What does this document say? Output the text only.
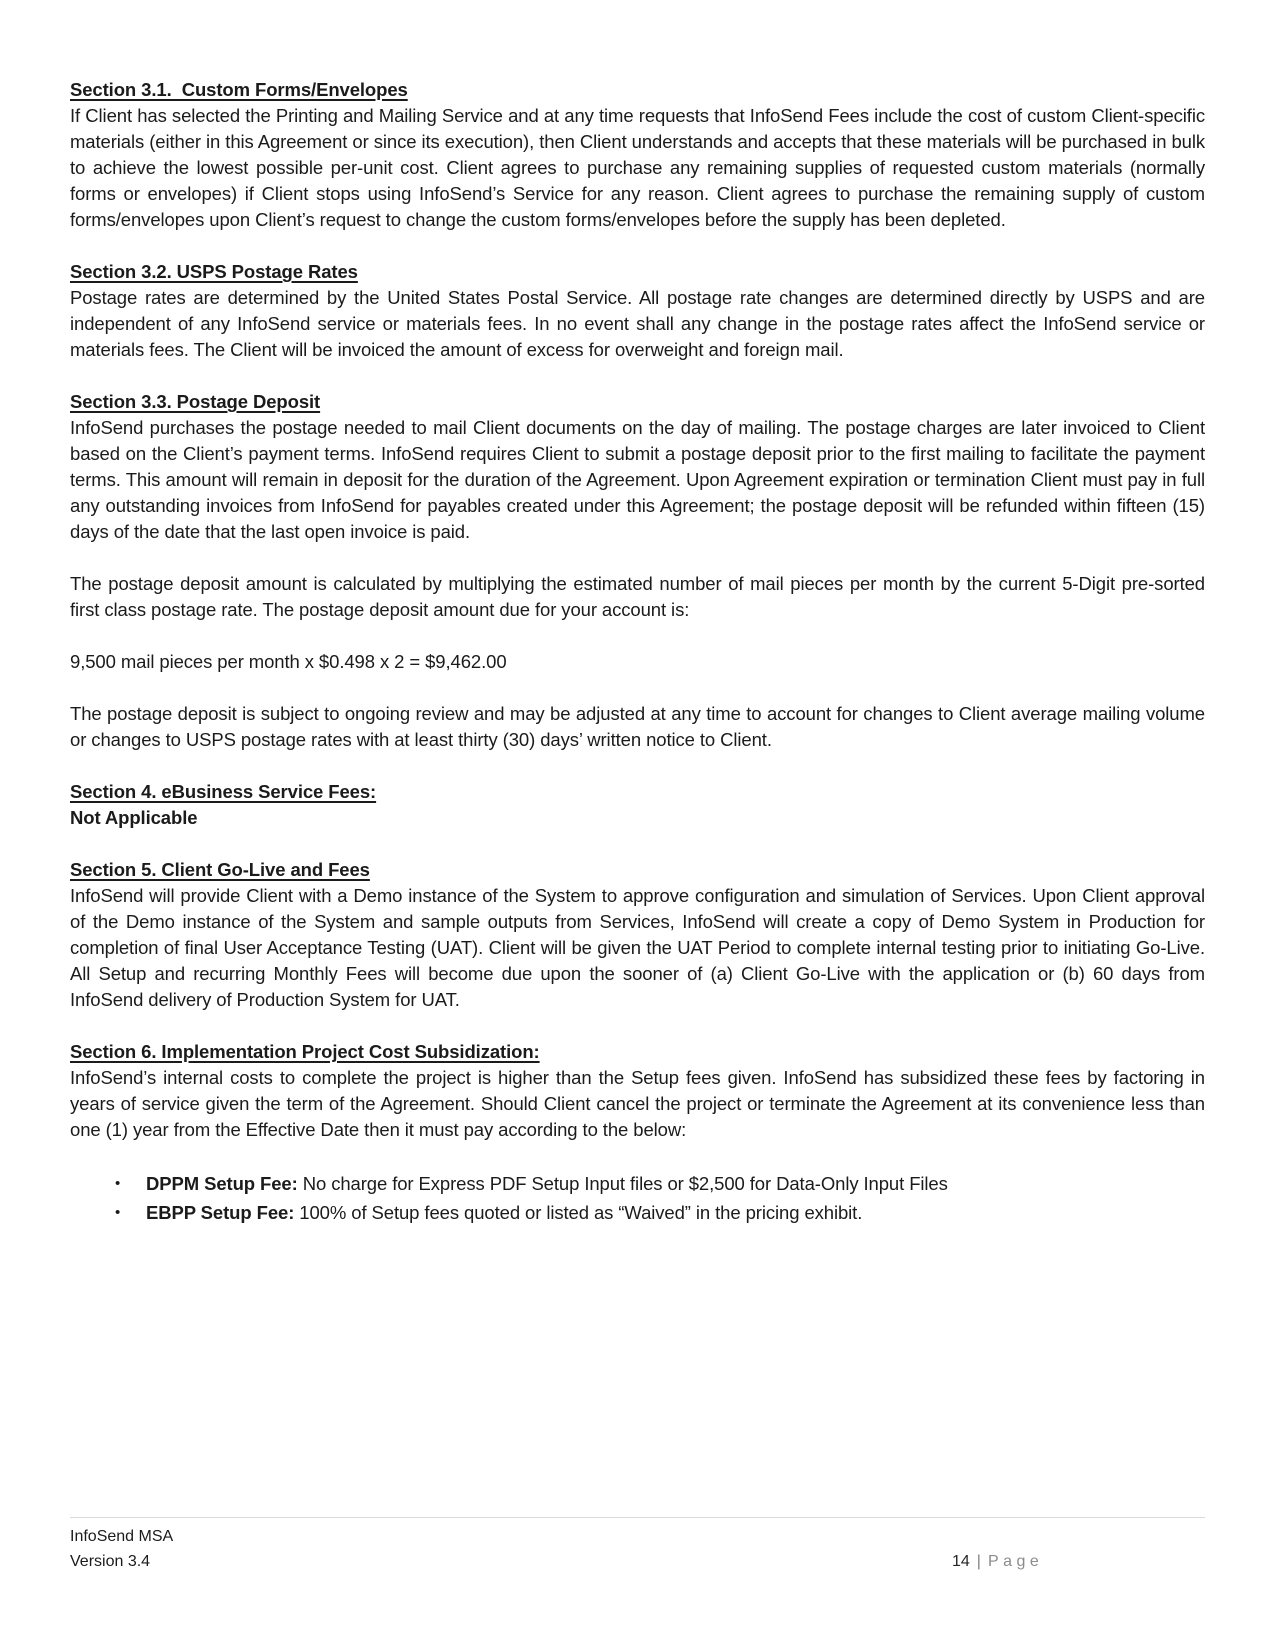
Section 3.1.  Custom Forms/Envelopes

If Client has selected the Printing and Mailing Service and at any time requests that InfoSend Fees include the cost of custom Client-specific materials (either in this Agreement or since its execution), then Client understands and accepts that these materials will be purchased in bulk to achieve the lowest possible per-unit cost. Client agrees to purchase any remaining supplies of requested custom materials (normally forms or envelopes) if Client stops using InfoSend’s Service for any reason. Client agrees to purchase the remaining supply of custom forms/envelopes upon Client’s request to change the custom forms/envelopes before the supply has been depleted.

Section 3.2. USPS Postage Rates

Postage rates are determined by the United States Postal Service. All postage rate changes are determined directly by USPS and are independent of any InfoSend service or materials fees. In no event shall any change in the postage rates affect the InfoSend service or materials fees. The Client will be invoiced the amount of excess for overweight and foreign mail.

Section 3.3. Postage Deposit

InfoSend purchases the postage needed to mail Client documents on the day of mailing. The postage charges are later invoiced to Client based on the Client’s payment terms. InfoSend requires Client to submit a postage deposit prior to the first mailing to facilitate the payment terms. This amount will remain in deposit for the duration of the Agreement. Upon Agreement expiration or termination Client must pay in full any outstanding invoices from InfoSend for payables created under this Agreement; the postage deposit will be refunded within fifteen (15) days of the date that the last open invoice is paid.

The postage deposit amount is calculated by multiplying the estimated number of mail pieces per month by the current 5-Digit pre-sorted first class postage rate. The postage deposit amount due for your account is:

9,500 mail pieces per month x $0.498 x 2 = $9,462.00

The postage deposit is subject to ongoing review and may be adjusted at any time to account for changes to Client average mailing volume or changes to USPS postage rates with at least thirty (30) days’ written notice to Client.

Section 4. eBusiness Service Fees:

Not Applicable

Section 5. Client Go-Live and Fees

InfoSend will provide Client with a Demo instance of the System to approve configuration and simulation of Services. Upon Client approval of the Demo instance of the System and sample outputs from Services, InfoSend will create a copy of Demo System in Production for completion of final User Acceptance Testing (UAT). Client will be given the UAT Period to complete internal testing prior to initiating Go-Live. All Setup and recurring Monthly Fees will become due upon the sooner of (a) Client Go-Live with the application or (b) 60 days from InfoSend delivery of Production System for UAT.

Section 6. Implementation Project Cost Subsidization:

InfoSend’s internal costs to complete the project is higher than the Setup fees given. InfoSend has subsidized these fees by factoring in years of service given the term of the Agreement. Should Client cancel the project or terminate the Agreement at its convenience less than one (1) year from the Effective Date then it must pay according to the below:

•	DPPM Setup Fee: No charge for Express PDF Setup Input files or $2,500 for Data-Only Input Files
•	EBPP Setup Fee: 100% of Setup fees quoted or listed as “Waived” in the pricing exhibit.
InfoSend MSA
Version 3.4	14 | Page
